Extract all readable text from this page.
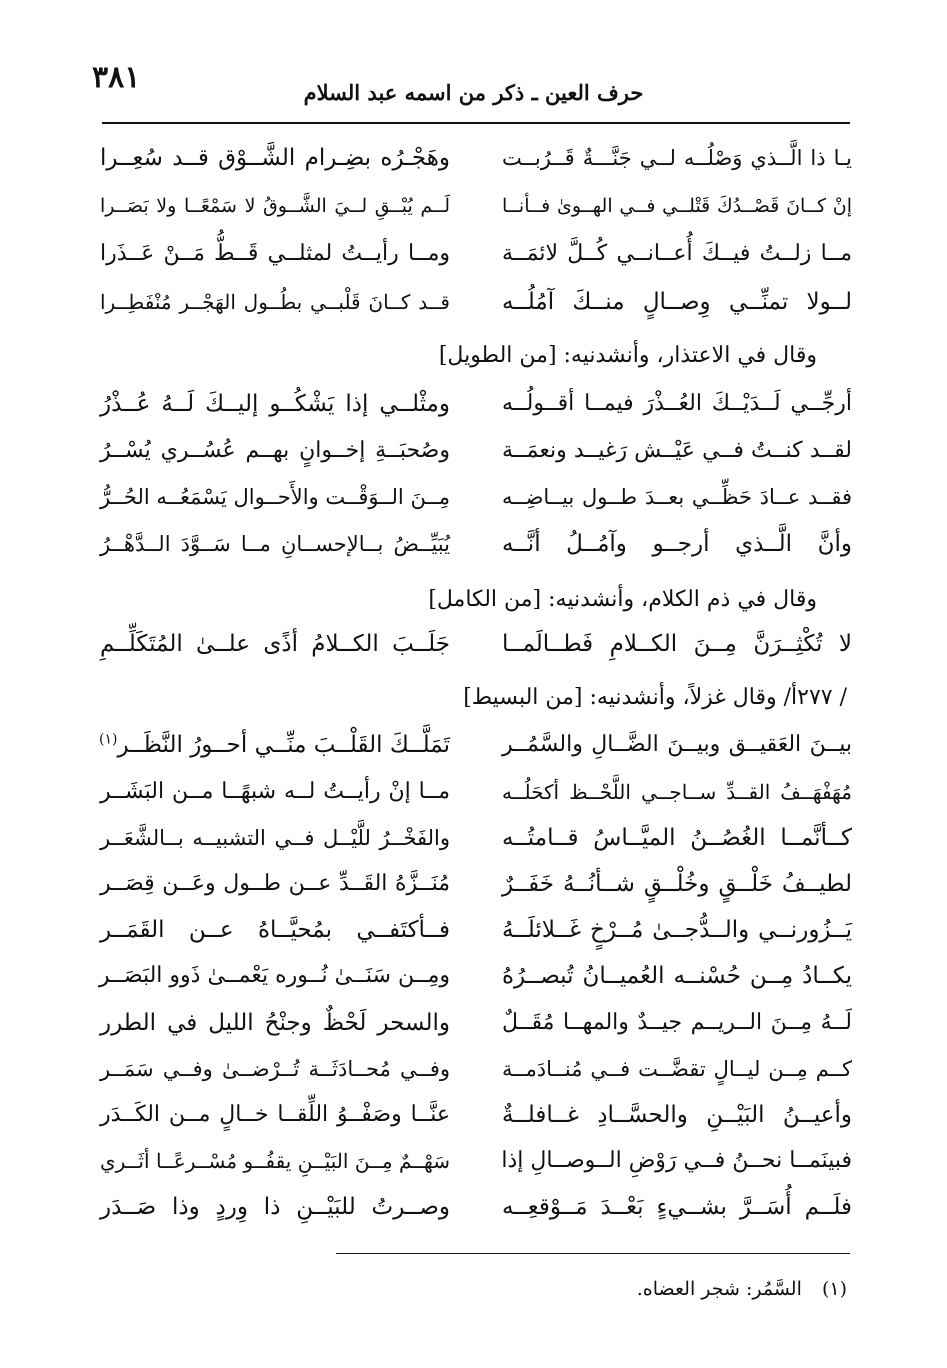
٣٨١	حرف العين ـ ذكر من اسمه عبد السلام
يـا ذا الَّــذي وَصْلُــه لــي جَنَّـــةٌ قَــرُبــت
وهَجْـرُه بضِـرام الشَّــوْق قــد سُعِــرا
إنْ كــانَ قَصْــدُكَ قَتْلــي فــي الهــوىٰ فــأنــا
لَــم يُبْــقِ لــيَ الشَّــوقُ لا سَمْعًــا ولا بَصَــرا
مــا زلــتُ فيــكَ أُعــانــي كُــلَّ لائمَــة
ومــا رأيــتُ لمثلــي قَــطُّ مَــنْ عَــذَرا
لــولا تمنِّــي وِصــالٍ منــكَ آمُلُــه
قــد كــانَ قَلْبــي بطُــول الهَجْــر مُنْفَطِــرا
وقال في الاعتذار، وأنشدنيه: [من الطويل]
أرجِّــي لَــدَيْــكَ العُــذْرَ فيمــا أقــولُــه
ومثْلــي إذا يَشْكُــو إليــكَ لَــهُ عُــذْرُ
لقــد كنــتُ فــي عَيْــش رَغيــد ونعمَــة
وصُحبَــةِ إخــوانٍ بهــم عُسُــري يُسْــرُ
فقــد عــادَ حَظِّــي بعــدَ طــول بيــاضِــه
مِــنَ الــوَقْــت والأَحــوال يَسْمَعُــه الحُــرُّ
وأنَّ الَّــذي أرجــو وآمُــلُ أنَّــه
يُبَيِّــضُ بــالإحســانِ مــا سَــوَّدَ الــدَّهْــرُ
وقال في ذم الكلام، وأنشدنيه: [من الكامل]
لا تُكْثِــرَنَّ مِــنَ الكــلامِ فَطــالَمــا
جَلَــبَ الكــلامُ أذًى علــىٰ المُتَكَلِّــمِ
/ ٢٧٧أ/ وقال غزلاً، وأنشدنيه: [من البسيط]
بيــنَ العَقيــق وبيــنَ الضَّــالِ والسَّمُــر
تَمَلَّــكَ القَلْــبَ منِّــي أحــورُ النَّظَــر$^{(١)}$
مُهَفْهَــفُ القــدِّ ســاجــي اللَّحْــظ أكحَلُــه
مــا إنْ رأيــتُ لــه شبهًــا مــن البَشَــر
كــأنَّمــا الغُصُــنُ الميَّــاسُ قــامتُــه
والفَخْــرُ للَّيْــل فــي التشبيــه بــالشَّعَــر
لطيــفُ خَلْــقٍ وخُلْــقٍ شــأنُــهُ خَفَــرٌ
مُنَــزَّهُ القَــدِّ عــن طــول وعَــن قِصَــر
يَــزُورنــي والــدُّجــىٰ مُــرْخٍ غَــلائلَــهُ
فــأكتَفــي بمُحيَّــاهُ عــن القَمَــر
يكــادُ مِــن حُسْنــه العُميــانُ تُبصــرُهُ
ومِــن سَنَــىٰ نُــوره يَعْمــىٰ ذَوو البَصَــر
لَــهُ مِــنَ الــريــم جيــدٌ والمهــا مُقَــلٌ
والسحر لَحْظٌ وجنْحُ الليل في الطرر
كــم مِــن ليــالٍ تقضَّــت فــي مُنــادَمــة
وفــي مُحــادَثَــة تُــرْضــىٰ وفــي سَمَــر
وأعيــنُ البَيْــنِ والحسَّــادِ غــافلــةٌ
عنَّــا وصَفْــوُ اللِّقــا خــالٍ مــن الكَــدَر
فبينَمــا نحــنُ فــي رَوْضِ الــوصــالِ إذا
سَهْــمٌ مِــنَ البَيْــنِ يقفُــو مُسْــرعًــا أثَــري
فلَــم أُسَــرَّ بشــيءٍ بَعْــدَ مَــوْقعِــه
وصــرتُ للبَيْــنِ ذا وِردٍ وذا صَــدَر
(١) السَّمُر: شجر العضاه.
